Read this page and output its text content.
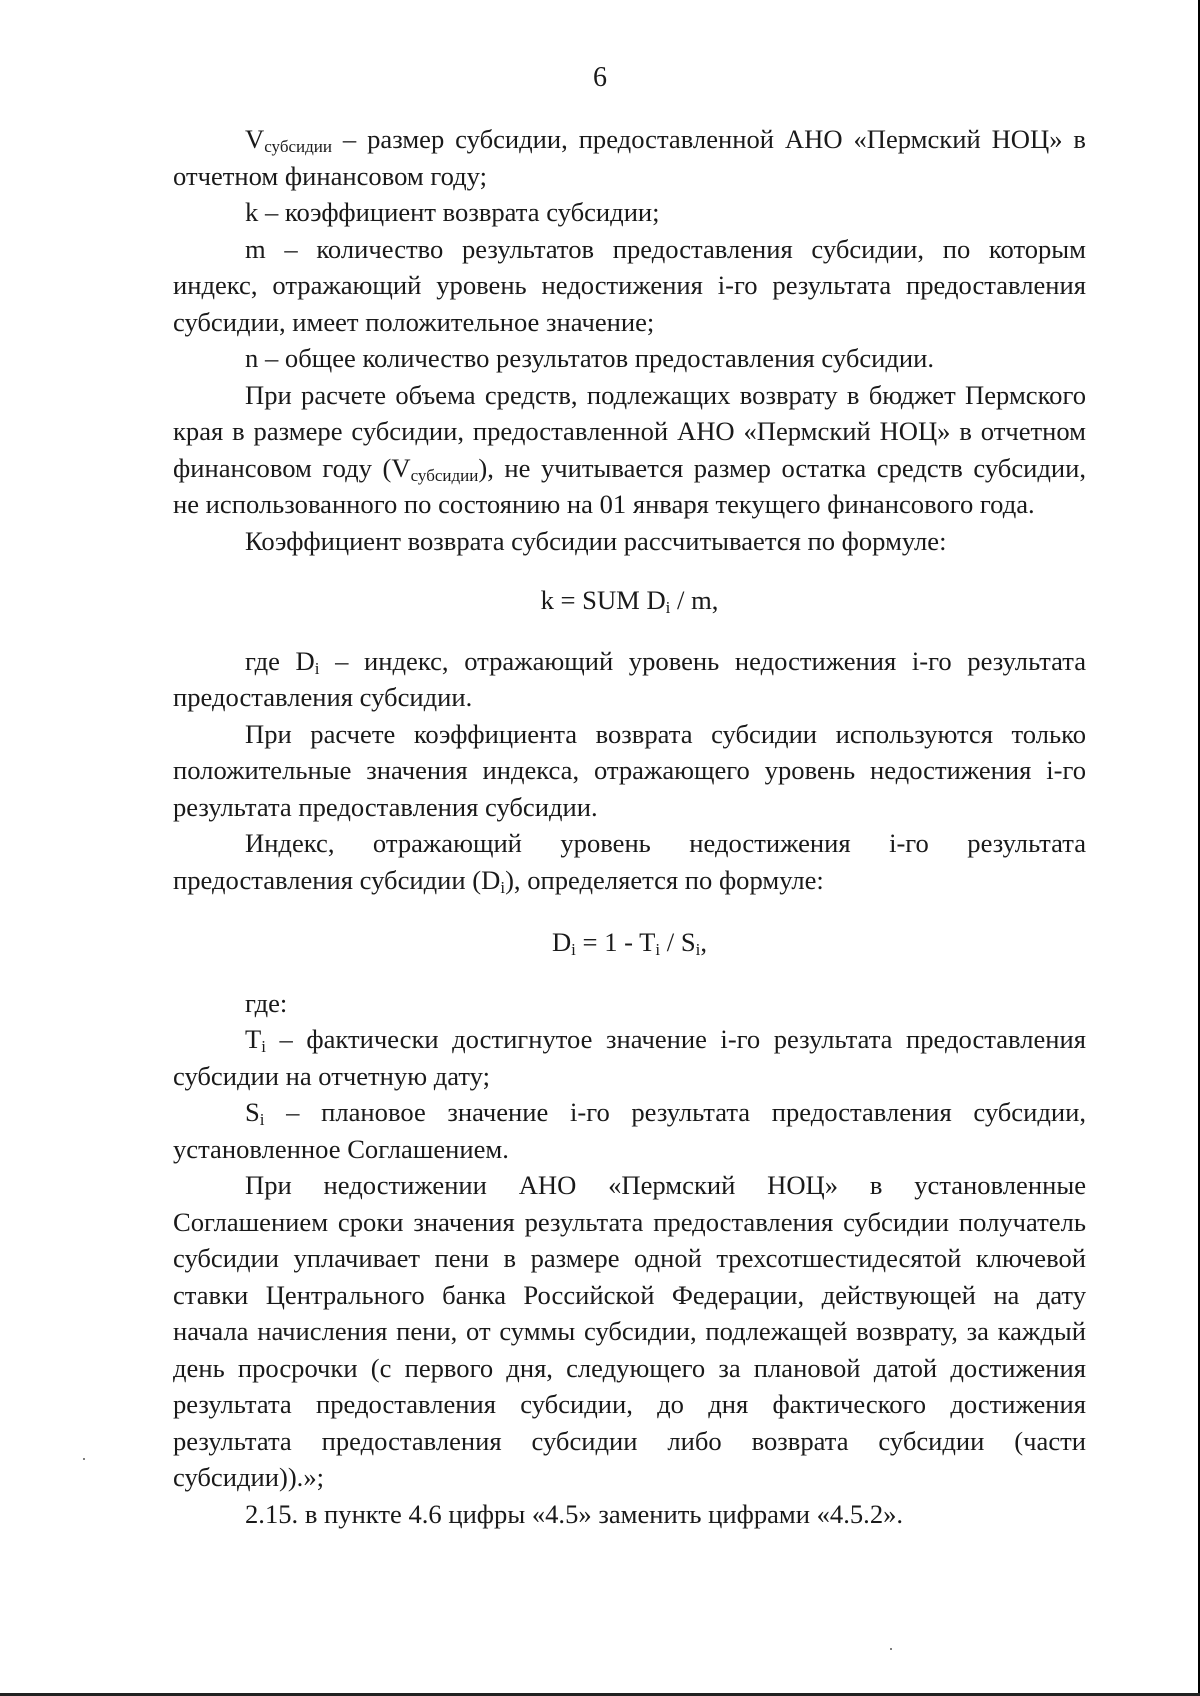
6

$V_{субсидии}$ – размер субсидии, предоставленной АНО «Пермский НОЦ» в отчетном финансовом году;

k – коэффициент возврата субсидии;

m – количество результатов предоставления субсидии, по которым индекс, отражающий уровень недостижения i-го результата предоставления субсидии, имеет положительное значение;

n – общее количество результатов предоставления субсидии.

При расчете объема средств, подлежащих возврату в бюджет Пермского края в размере субсидии, предоставленной АНО «Пермский НОЦ» в отчетном финансовом году $(V_{субсидии})$, не учитывается размер остатка средств субсидии, не использованного по состоянию на 01 января текущего финансового года.

Коэффициент возврата субсидии рассчитывается по формуле:

k = SUM $D_i$ / m,

где $D_i$ – индекс, отражающий уровень недостижения i-го результата предоставления субсидии.

При расчете коэффициента возврата субсидии используются только положительные значения индекса, отражающего уровень недостижения i-го результата предоставления субсидии.

Индекс, отражающий уровень недостижения i-го результата предоставления субсидии $(D_i)$, определяется по формуле:

$D_i = 1 - T_i / S_i$,

где:

$T_i$ – фактически достигнутое значение i-го результата предоставления субсидии на отчетную дату;

$S_i$ – плановое значение i-го результата предоставления субсидии, установленное Соглашением.

При недостижении АНО «Пермский НОЦ» в установленные Соглашением сроки значения результата предоставления субсидии получатель субсидии уплачивает пени в размере одной трехсотшестидесятой ключевой ставки Центрального банка Российской Федерации, действующей на дату начала начисления пени, от суммы субсидии, подлежащей возврату, за каждый день просрочки (с первого дня, следующего за плановой датой достижения результата предоставления субсидии, до дня фактического достижения результата предоставления субсидии либо возврата субсидии (части субсидии)).»;

2.15. в пункте 4.6 цифры «4.5» заменить цифрами «4.5.2».
